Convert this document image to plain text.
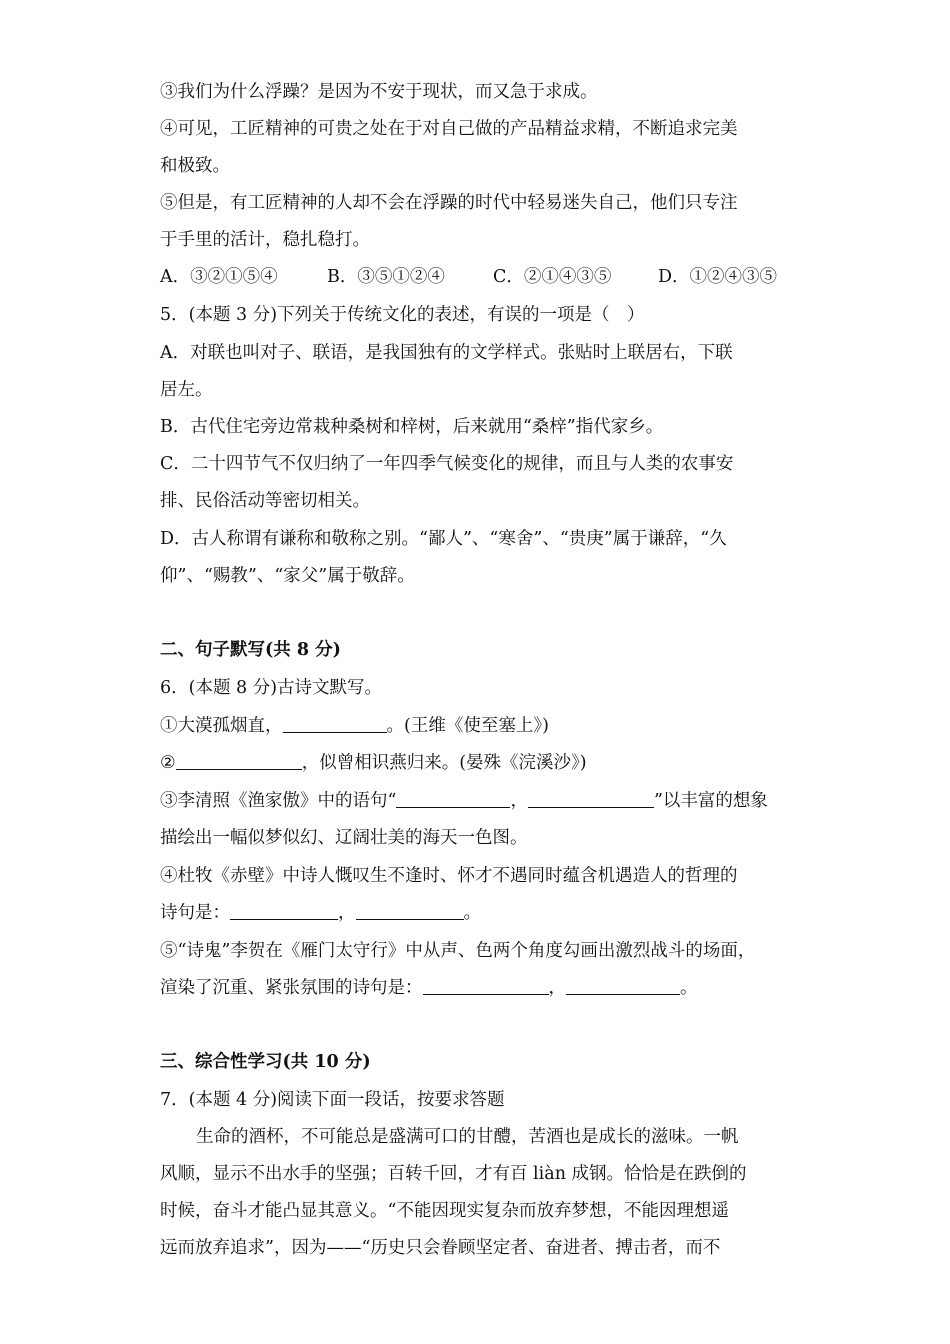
③我们为什么浮躁？是因为不安于现状，而又急于求成。
④可见，工匠精神的可贵之处在于对自己做的产品精益求精，不断追求完美
和极致。
⑤但是，有工匠精神的人却不会在浮躁的时代中轻易迷失自己，他们只专注
于手里的活计，稳扎稳打。
A．③②①⑤④	B．③⑤①②④	C．②①④③⑤	D．①②④③⑤
5．(本题 3 分)下列关于传统文化的表述，有误的一项是（　）
A．对联也叫对子、联语，是我国独有的文学样式。张贴时上联居右，下联
居左。
B．古代住宅旁边常栽种桑树和梓树，后来就用“桑梓”指代家乡。
C．二十四节气不仅归纳了一年四季气候变化的规律，而且与人类的农事安
排、民俗活动等密切相关。
D．古人称谓有谦称和敬称之别。“鄙人”、“寒舍”、“贵庚”属于谦辞，“久
仰”、“赐教”、“家父”属于敬辞。
二、句子默写(共 8 分)
6．(本题 8 分)古诗文默写。
①大漠孤烟直，	。(王维《使至塞上》)
②	，似曾相识燕归来。(晏殊《浣溪沙》)
③李清照《渔家傲》中的语句“	，	”以丰富的想象
描绘出一幅似梦似幻、辽阔壮美的海天一色图。
④杜牧《赤壁》中诗人慨叹生不逢时、怀才不遇同时蕴含机遇造人的哲理的
诗句是：	，	。
⑤“诗鬼”李贺在《雁门太守行》中从声、色两个角度勾画出激烈战斗的场面，
渲染了沉重、紧张氛围的诗句是：	，	。
三、综合性学习(共 10 分)
7．(本题 4 分)阅读下面一段话，按要求答题
生命的酒杯，不可能总是盛满可口的甘醴，苦酒也是成长的滋味。一帆
风顺，显示不出水手的坚强；百转千回，才有百 liàn 成钢。恰恰是在跌倒的
时候，奋斗才能凸显其意义。“不能因现实复杂而放弃梦想，不能因理想遥
远而放弃追求”，因为——“历史只会眷顾坚定者、奋进者、搏击者，而不
